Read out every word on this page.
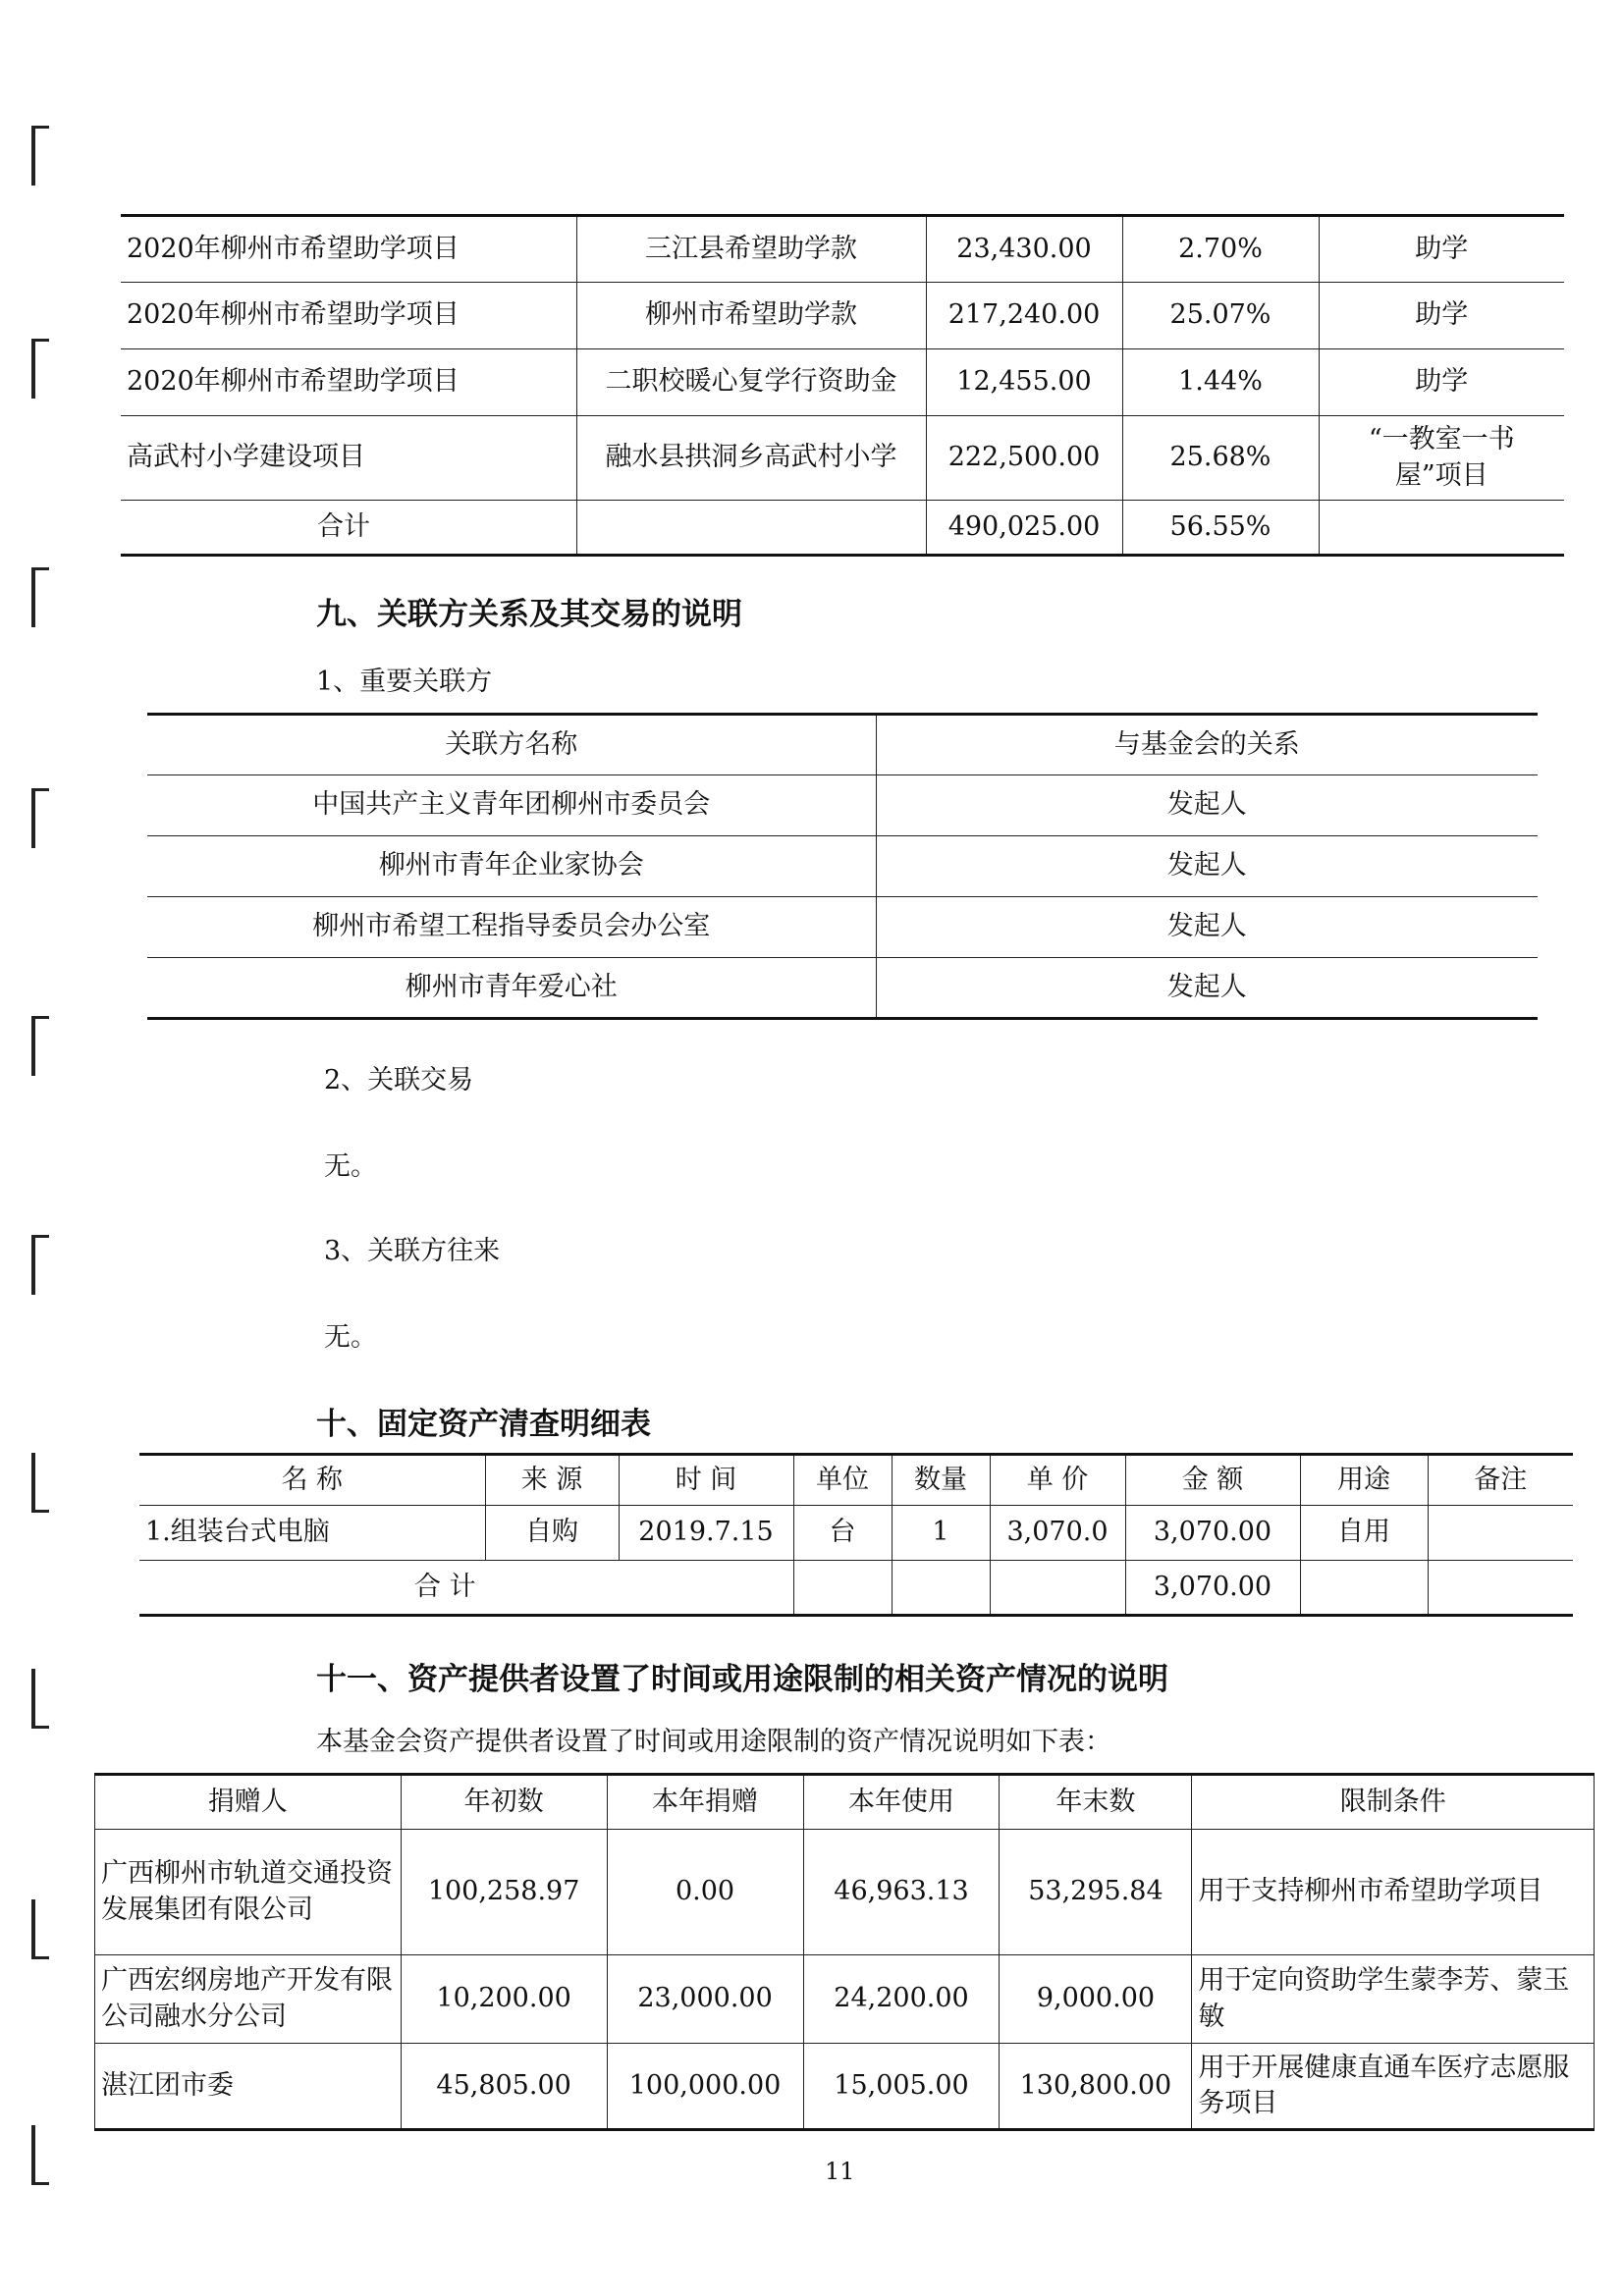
2020年柳州市希望助学项目	三江县希望助学款	23,430.00	2.70%	助学
2020年柳州市希望助学项目	柳州市希望助学款	217,240.00	25.07%	助学
2020年柳州市希望助学项目	二职校暖心复学行资助金	12,455.00	1.44%	助学
高武村小学建设项目	融水县拱洞乡高武村小学	222,500.00	25.68%	“一教室一书屋”项目
合计		490,025.00	56.55%	
九、关联方关系及其交易的说明
1、重要关联方
关联方名称	与基金会的关系
中国共产主义青年团柳州市委员会	发起人
柳州市青年企业家协会	发起人
柳州市希望工程指导委员会办公室	发起人
柳州市青年爱心社	发起人
2、关联交易
无。
3、关联方往来
无。
十、固定资产清查明细表
名 称	来 源	时 间	单位	数量	单 价	金 额	用途	备注
1.组装台式电脑	自购	2019.7.15	台	1	3,070.0	3,070.00	自用	
合 计						3,070.00		
十一、资产提供者设置了时间或用途限制的相关资产情况的说明
本基金会资产提供者设置了时间或用途限制的资产情况说明如下表：
捐赠人	年初数	本年捐赠	本年使用	年末数	限制条件
广西柳州市轨道交通投资发展集团有限公司	100,258.97	0.00	46,963.13	53,295.84	用于支持柳州市希望助学项目
广西宏纲房地产开发有限公司融水分公司	10,200.00	23,000.00	24,200.00	9,000.00	用于定向资助学生蒙李芳、蒙玉敏
湛江团市委	45,805.00	100,000.00	15,005.00	130,800.00	用于开展健康直通车医疗志愿服务项目
11
